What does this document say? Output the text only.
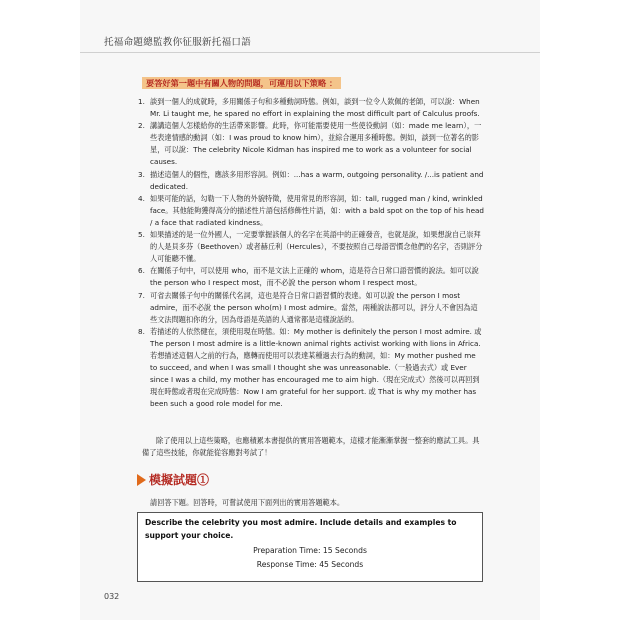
托福命題總監教你征服新托福口語
要答好第一題中有關人物的問題，可運用以下策略 ：
1. 談到一個人的成就時，多用關係子句和多種動詞時態。例如，談到一位令人欽佩的老師，可以說：When Mr. Li taught me, he spared no effort in explaining the most difficult part of Calculus proofs.
2. 講講這個人怎樣給你的生活帶來影響。此時，你可能需要使用一些使役動詞（如：made me learn），一些表達情感的動詞（如：I was proud to know him），並綜合運用多種時態。例如，談到一位著名的影星，可以說：The celebrity Nicole Kidman has inspired me to work as a volunteer for social causes.
3. 描述這個人的個性，應該多用形容詞。例如：...has a warm, outgoing personality. /...is patient and dedicated.
4. 如果可能的話，勾勒一下人物的外貌特徵，使用常見的形容詞，如：tall, rugged man / kind, wrinkled face。其他能夠獲得高分的描述性片語包括修飾性片語，如：with a bald spot on the top of his head / a face that radiated kindness。
5. 如果描述的是一位外國人，一定要掌握該個人的名字在英語中的正確發音，也就是說，如果想說自己崇拜的人是貝多芬（Beethoven）或者赫丘利（Hercules），不要按照自己母語習慣念他們的名字，否則評分人可能聽不懂。
6. 在關係子句中，可以使用 who，而不是文法上正確的 whom，這是符合日常口語習慣的說法。如可以說 the person who I respect most，而不必說 the person whom I respect most。
7. 可省去關係子句中的關係代名詞，這也是符合日常口語習慣的表達。如可以說 the person I most admire，而不必說 the person who(m) I most admire。當然，兩種說法都可以，評分人不會因為這些文法問題扣你的分，因為母語是英語的人通常都是這樣說話的。
8. 若描述的人依然健在，須使用現在時態。如：My mother is definitely the person I most admire. 或 The person I most admire is a little-known animal rights activist working with lions in Africa. 若想描述這個人之前的行為，應轉而使用可以表達某種過去行為的動詞，如：My mother pushed me to succeed, and when I was small I thought she was unreasonable.（一般過去式）或 Ever since I was a child, my mother has encouraged me to aim high.（現在完成式）然後可以再回到現在時態或者現在完成時態：Now I am grateful for her support. 或 That is why my mother has been such a good role model for me.
除了使用以上這些策略，也應積累本書提供的實用答題範本，這樣才能漸漸掌握一整套的應試工具。具備了這些技能，你就能從容應對考試了！
模擬試題①
請回答下題。回答時，可嘗試使用下面列出的實用答題範本。
Describe the celebrity you most admire. Include details and examples to support your choice.
Preparation Time: 15 Seconds
Response Time: 45 Seconds
032
